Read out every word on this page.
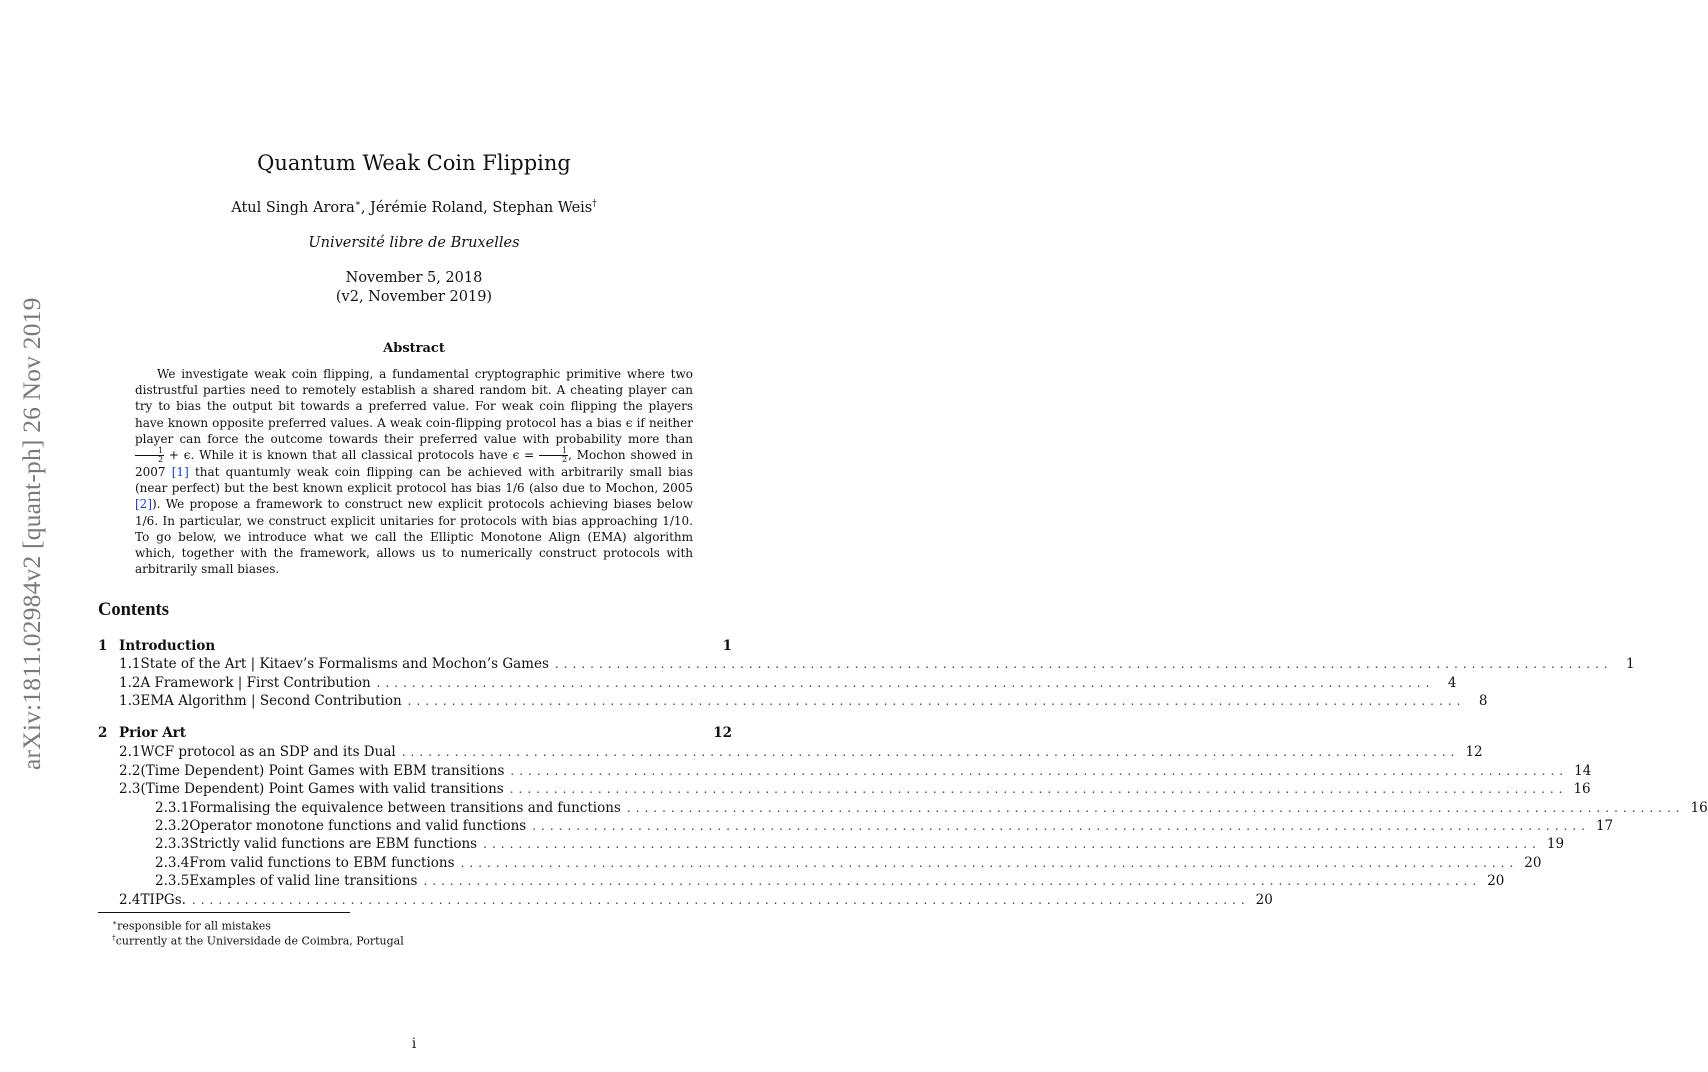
arXiv:1811.02984v2 [quant-ph] 26 Nov 2019
Quantum Weak Coin Flipping
Atul Singh Arora∗, Jérémie Roland, Stephan Weis†
Université libre de Bruxelles
November 5, 2018
(v2, November 2019)
Abstract

We investigate weak coin flipping, a fundamental cryptographic primitive where two distrustful parties need to remotely establish a shared random bit. A cheating player can try to bias the output bit towards a preferred value. For weak coin flipping the players have known opposite preferred values. A weak coin-flipping protocol has a bias ϵ if neither player can force the outcome towards their preferred value with probability more than
$\frac{1}{2} + \epsilon$. While it is known that all classical protocols have $\epsilon = \frac{1}{2}$ , Mochon showed in 2007 [1] that quantumly weak coin flipping can be achieved with arbitrarily small bias (near perfect) but the best known explicit protocol has bias 1/6 (also due to Mochon, 2005 [2]). We propose a framework to construct new explicit protocols achieving biases below 1/6. In particular, we construct explicit unitaries for protocols with bias approaching 1/10. To go below, we introduce what we call the Elliptic Monotone Align (EMA) algorithm which, together with the framework, allows us to numerically construct protocols with arbitrarily small biases.

Contents
1 Introduction	1
1.1 State of the Art | Kitaev’s Formalisms and Mochon’s Games ........................................................................................................................ 1
1.2 A Framework | First Contribution ........................................................................................................................ 4
1.3 EMA Algorithm | Second Contribution ........................................................................................................................ 8
2 Prior Art	12
2.1 WCF protocol as an SDP and its Dual ........................................................................................................................ 12
2.2 (Time Dependent) Point Games with EBM transitions ........................................................................................................................ 14
2.3 (Time Dependent) Point Games with valid transitions ........................................................................................................................ 16
2.3.1 Formalising the equivalence between transitions and functions ........................................................................................................................ 16
2.3.2 Operator monotone functions and valid functions ........................................................................................................................ 17
2.3.3 Strictly valid functions are EBM functions ........................................................................................................................ 19
2.3.4 From valid functions to EBM functions ........................................................................................................................ 20
2.3.5 Examples of valid line transitions ........................................................................................................................ 20
2.4 TIPGs. ........................................................................................................................ 20
∗responsible for all mistakes
†currently at the Universidade de Coimbra, Portugal
i
